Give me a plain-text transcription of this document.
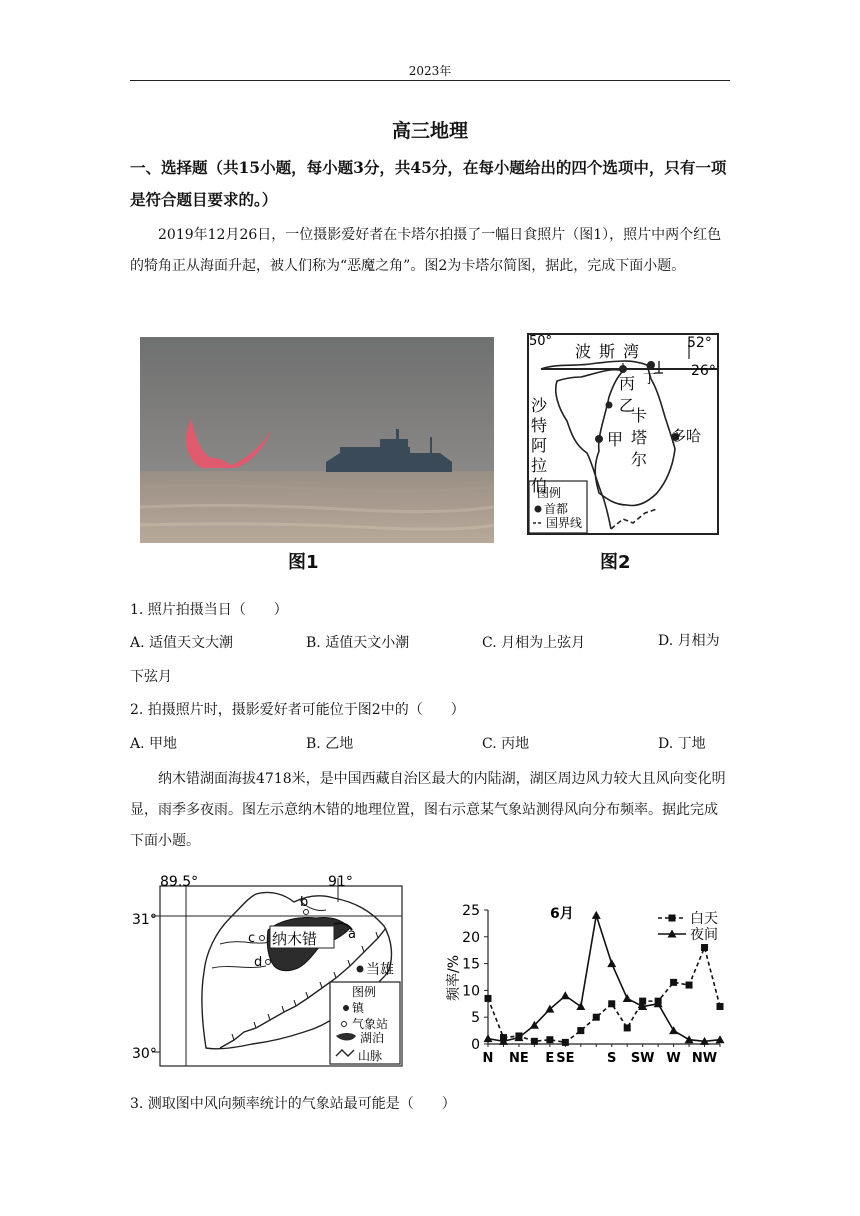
2023年
高三地理
一、选择题（共15小题，每小题3分，共45分，在每小题给出的四个选项中，只有一项是符合题目要求的。）
2019年12月26日，一位摄影爱好者在卡塔尔拍摄了一幅日食照片（图1），照片中两个红色的犄角正从海面升起，被人们称为“恶魔之角”。图2为卡塔尔简图，据此，完成下面小题。
图1
50°	52°
26°
波斯湾
丁
丙
乙
甲
卡
塔
尔
沙
特
阿
拉
伯
多哈
图例
首都
国界线
图2
1. 照片拍摄当日（　　）
A. 适值天文大潮	B. 适值天文小潮	C. 月相为上弦月	D. 月相为
下弦月
2. 拍摄照片时，摄影爱好者可能位于图2中的（　　）
A. 甲地	B. 乙地	C. 丙地	D. 丁地
纳木错湖面海拔4718米，是中国西藏自治区最大的内陆湖，湖区周边风力较大且风向变化明显，雨季多夜雨。图左示意纳木错的地理位置，图右示意某气象站测得风向分布频率。据此完成下面小题。
89.5°	91°
31°
30°
纳木错
当雄
a
b
c
d
图例
镇
气象站
湖泊
山脉
0
5
10
15
20
25
N NE E SE	S SW W NW
频率/%
6月	白天
夜间
3. 测取图中风向频率统计的气象站最可能是（　　）
